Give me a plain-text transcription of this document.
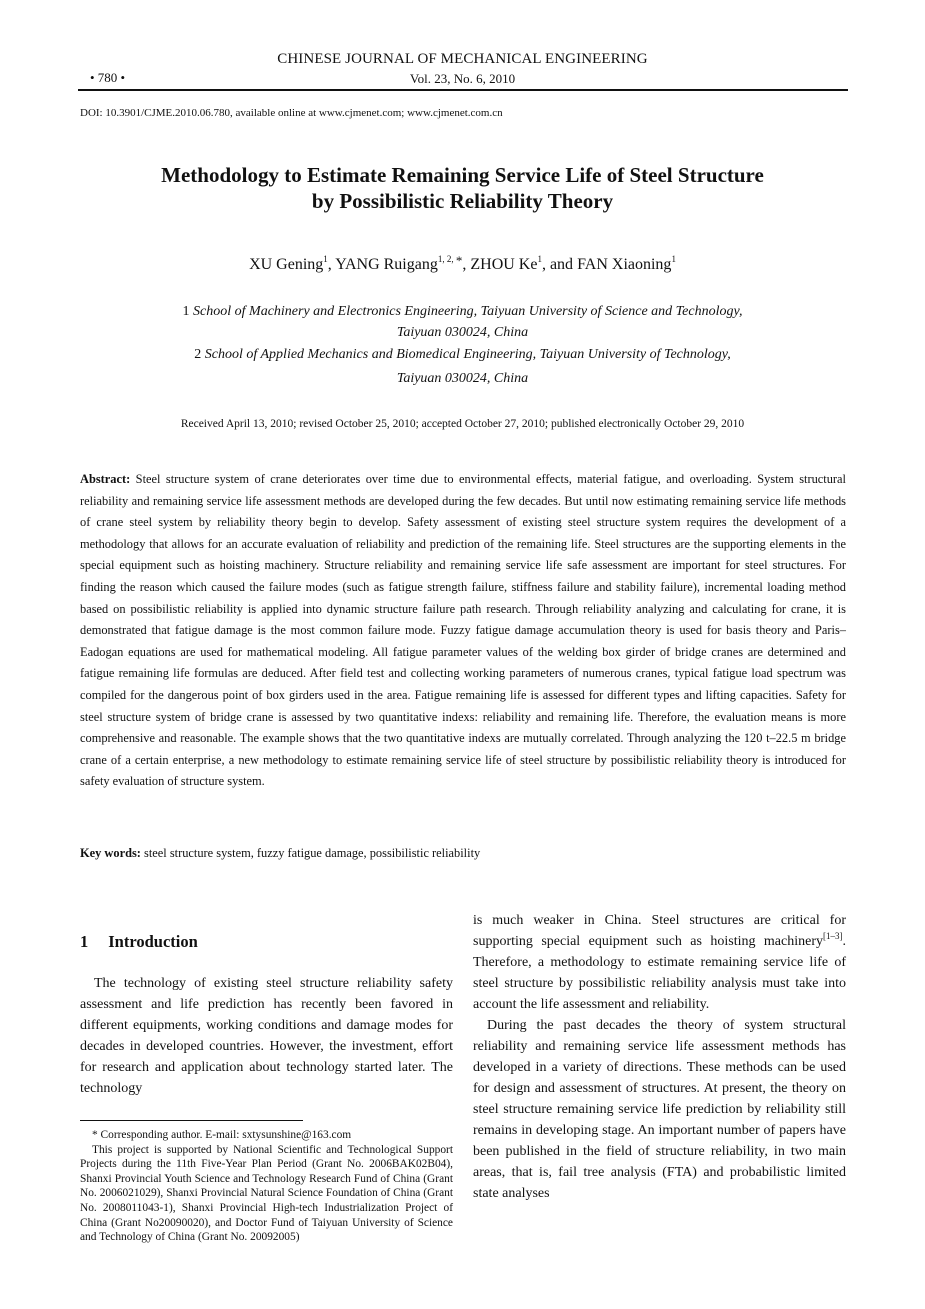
CHINESE JOURNAL OF MECHANICAL ENGINEERING
• 780 •	Vol. 23, No. 6, 2010
DOI: 10.3901/CJME.2010.06.780, available online at www.cjmenet.com; www.cjmenet.com.cn
Methodology to Estimate Remaining Service Life of Steel Structure
by Possibilistic Reliability Theory
XU Gening$^1$, YANG Ruigang$^{1, 2, *}$, ZHOU Ke$^1$, and FAN Xiaoning$^1$
1 School of Machinery and Electronics Engineering, Taiyuan University of Science and Technology,
Taiyuan 030024, China
2 School of Applied Mechanics and Biomedical Engineering, Taiyuan University of Technology,
Taiyuan 030024, China
Received April 13, 2010; revised October 25, 2010; accepted October 27, 2010; published electronically October 29, 2010
Abstract: Steel structure system of crane deteriorates over time due to environmental effects, material fatigue, and overloading. System structural reliability and remaining service life assessment methods are developed during the few decades. But until now estimating remaining service life methods of crane steel system by reliability theory begin to develop. Safety assessment of existing steel structure system requires the development of a methodology that allows for an accurate evaluation of reliability and prediction of the remaining life. Steel structures are the supporting elements in the special equipment such as hoisting machinery. Structure reliability and remaining service life safe assessment are important for steel structures. For finding the reason which caused the failure modes (such as fatigue strength failure, stiffness failure and stability failure), incremental loading method based on possibilistic reliability is applied into dynamic structure failure path research. Through reliability analyzing and calculating for crane, it is demonstrated that fatigue damage is the most common failure mode. Fuzzy fatigue damage accumulation theory is used for basis theory and Paris–Eadogan equations are used for mathematical modeling. All fatigue parameter values of the welding box girder of bridge cranes are determined and fatigue remaining life formulas are deduced. After field test and collecting working parameters of numerous cranes, typical fatigue load spectrum was compiled for the dangerous point of box girders used in the area. Fatigue remaining life is assessed for different types and lifting capacities. Safety for steel structure system of bridge crane is assessed by two quantitative indexs: reliability and remaining life. Therefore, the evaluation means is more comprehensive and reasonable. The example shows that the two quantitative indexs are mutually correlated. Through analyzing the 120 t–22.5 m bridge crane of a certain enterprise, a new methodology to estimate remaining service life of steel structure by possibilistic reliability theory is introduced for safety evaluation of structure system.
Key words: steel structure system, fuzzy fatigue damage, possibilistic reliability
1 Introduction

The technology of existing steel structure reliability safety assessment and life prediction has recently been favored in different equipments, working conditions and damage modes for decades in developed countries. However, the investment, effort for research and application about technology started later. The technology

* Corresponding author. E-mail: sxtysunshine@163.com

This project is supported by National Scientific and Technological Support Projects during the 11th Five-Year Plan Period (Grant No. 2006BAK02B04), Shanxi Provincial Youth Science and Technology Research Fund of China (Grant No. 2006021029), Shanxi Provincial Natural Science Foundation of China (Grant No. 2008011043-1), Shanxi Provincial High-tech Industrialization Project of China (Grant No20090020), and Doctor Fund of Taiyuan University of Science and Technology of China (Grant No. 20092005)

is much weaker in China. Steel structures are critical for supporting special equipment such as hoisting machinery[1–3]. Therefore, a methodology to estimate remaining service life of steel structure by possibilistic reliability analysis must take into account the life assessment and reliability.

During the past decades the theory of system structural reliability and remaining service life assessment methods has developed in a variety of directions. These methods can be used for design and assessment of structures. At present, the theory on steel structure remaining service life prediction by reliability still remains in developing stage. An important number of papers have been published in the field of structure reliability, in two main areas, that is, fail tree analysis (FTA) and probabilistic limited state analyses
